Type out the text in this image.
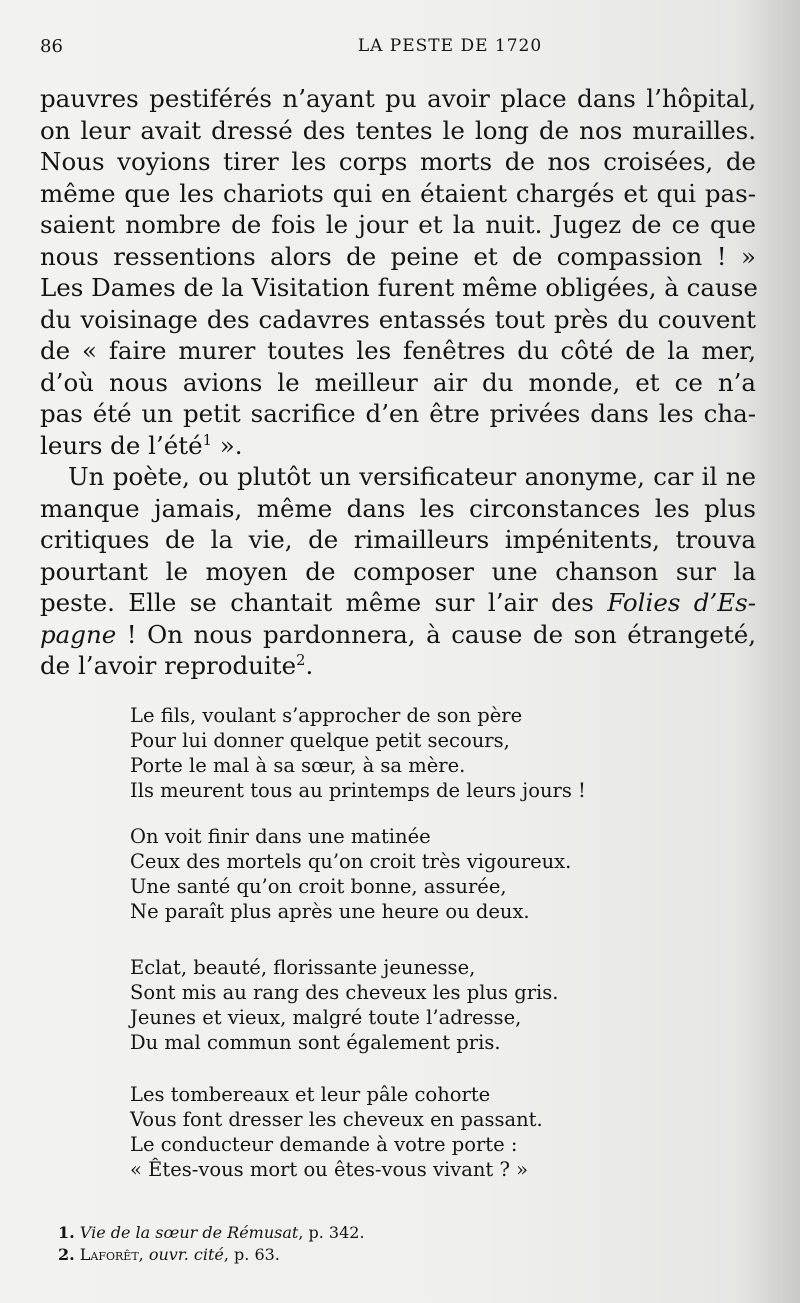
86	LA PESTE DE 1720
pauvres pestiférés n’ayant pu avoir place dans l’hôpital,
on leur avait dressé des tentes le long de nos murailles.
Nous voyions tirer les corps morts de nos croisées, de
même que les chariots qui en étaient chargés et qui pas-
saient nombre de fois le jour et la nuit. Jugez de ce que
nous ressentions alors de peine et de compassion ! »
Les Dames de la Visitation furent même obligées, à cause
du voisinage des cadavres entassés tout près du couvent
de « faire murer toutes les fenêtres du côté de la mer,
d’où nous avions le meilleur air du monde, et ce n’a
pas été un petit sacrifice d’en être privées dans les cha-
leurs de l’été$^1$ ».
Un poète, ou plutôt un versificateur anonyme, car il ne
manque jamais, même dans les circonstances les plus
critiques de la vie, de rimailleurs impénitents, trouva
pourtant le moyen de composer une chanson sur la
peste. Elle se chantait même sur l’air des Folies d’Es-
pagne ! On nous pardonnera, à cause de son étrangeté,
de l’avoir reproduite$^2$.
Le fils, voulant s’approcher de son père
Pour lui donner quelque petit secours,
Porte le mal à sa sœur, à sa mère.
Ils meurent tous au printemps de leurs jours !
On voit finir dans une matinée
Ceux des mortels qu’on croit très vigoureux.
Une santé qu’on croit bonne, assurée,
Ne paraît plus après une heure ou deux.
Eclat, beauté, florissante jeunesse,
Sont mis au rang des cheveux les plus gris.
Jeunes et vieux, malgré toute l’adresse,
Du mal commun sont également pris.
Les tombereaux et leur pâle cohorte
Vous font dresser les cheveux en passant.
Le conducteur demande à votre porte :
« Êtes-vous mort ou êtes-vous vivant ? »
1. Vie de la sœur de Rémusat, p. 342.
2. Laforêt, ouvr. cité, p. 63.
